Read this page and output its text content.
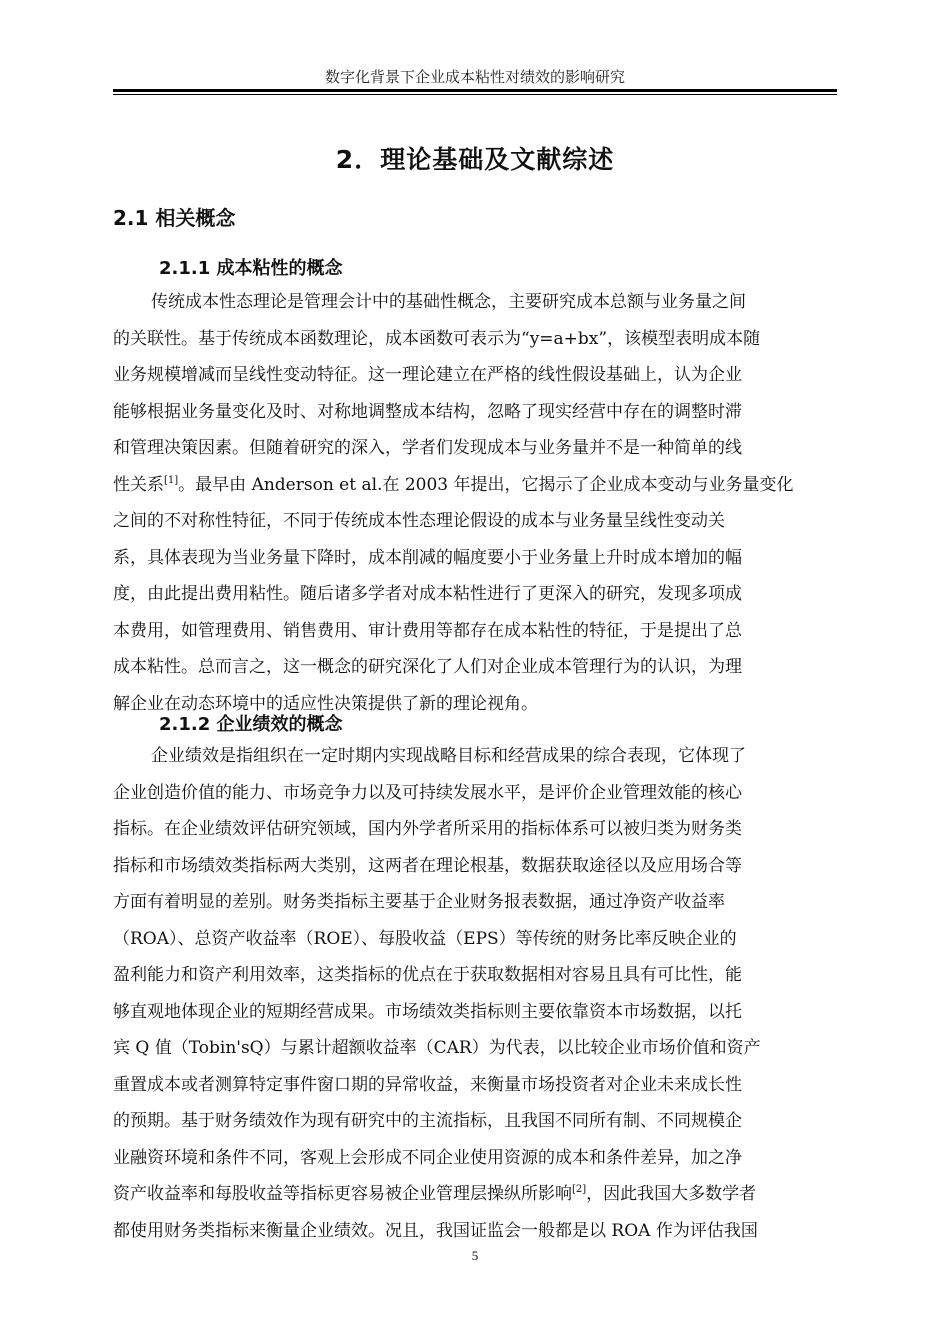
数字化背景下企业成本粘性对绩效的影响研究
2．理论基础及文献综述
2.1 相关概念
2.1.1 成本粘性的概念
传统成本性态理论是管理会计中的基础性概念，主要研究成本总额与业务量之间
的关联性。基于传统成本函数理论，成本函数可表示为“y=a+bx”，该模型表明成本随
业务规模增减而呈线性变动特征。这一理论建立在严格的线性假设基础上，认为企业
能够根据业务量变化及时、对称地调整成本结构，忽略了现实经营中存在的调整时滞
和管理决策因素。但随着研究的深入，学者们发现成本与业务量并不是一种简单的线
性关系[1]。最早由 Anderson et al.在 2003 年提出，它揭示了企业成本变动与业务量变化
之间的不对称性特征，不同于传统成本性态理论假设的成本与业务量呈线性变动关
系，具体表现为当业务量下降时，成本削减的幅度要小于业务量上升时成本增加的幅
度，由此提出费用粘性。随后诸多学者对成本粘性进行了更深入的研究，发现多项成
本费用，如管理费用、销售费用、审计费用等都存在成本粘性的特征，于是提出了总
成本粘性。总而言之，这一概念的研究深化了人们对企业成本管理行为的认识，为理
解企业在动态环境中的适应性决策提供了新的理论视角。
2.1.2 企业绩效的概念
企业绩效是指组织在一定时期内实现战略目标和经营成果的综合表现，它体现了
企业创造价值的能力、市场竞争力以及可持续发展水平，是评价企业管理效能的核心
指标。在企业绩效评估研究领域，国内外学者所采用的指标体系可以被归类为财务类
指标和市场绩效类指标两大类别，这两者在理论根基，数据获取途径以及应用场合等
方面有着明显的差别。财务类指标主要基于企业财务报表数据，通过净资产收益率
（ROA）、总资产收益率（ROE）、每股收益（EPS）等传统的财务比率反映企业的
盈利能力和资产利用效率，这类指标的优点在于获取数据相对容易且具有可比性，能
够直观地体现企业的短期经营成果。市场绩效类指标则主要依靠资本市场数据，以托
宾 Q 值（Tobin'sQ）与累计超额收益率（CAR）为代表，以比较企业市场价值和资产
重置成本或者测算特定事件窗口期的异常收益，来衡量市场投资者对企业未来成长性
的预期。基于财务绩效作为现有研究中的主流指标，且我国不同所有制、不同规模企
业融资环境和条件不同，客观上会形成不同企业使用资源的成本和条件差异，加之净
资产收益率和每股收益等指标更容易被企业管理层操纵所影响[2]，因此我国大多数学者
都使用财务类指标来衡量企业绩效。况且，我国证监会一般都是以 ROA 作为评估我国
5
